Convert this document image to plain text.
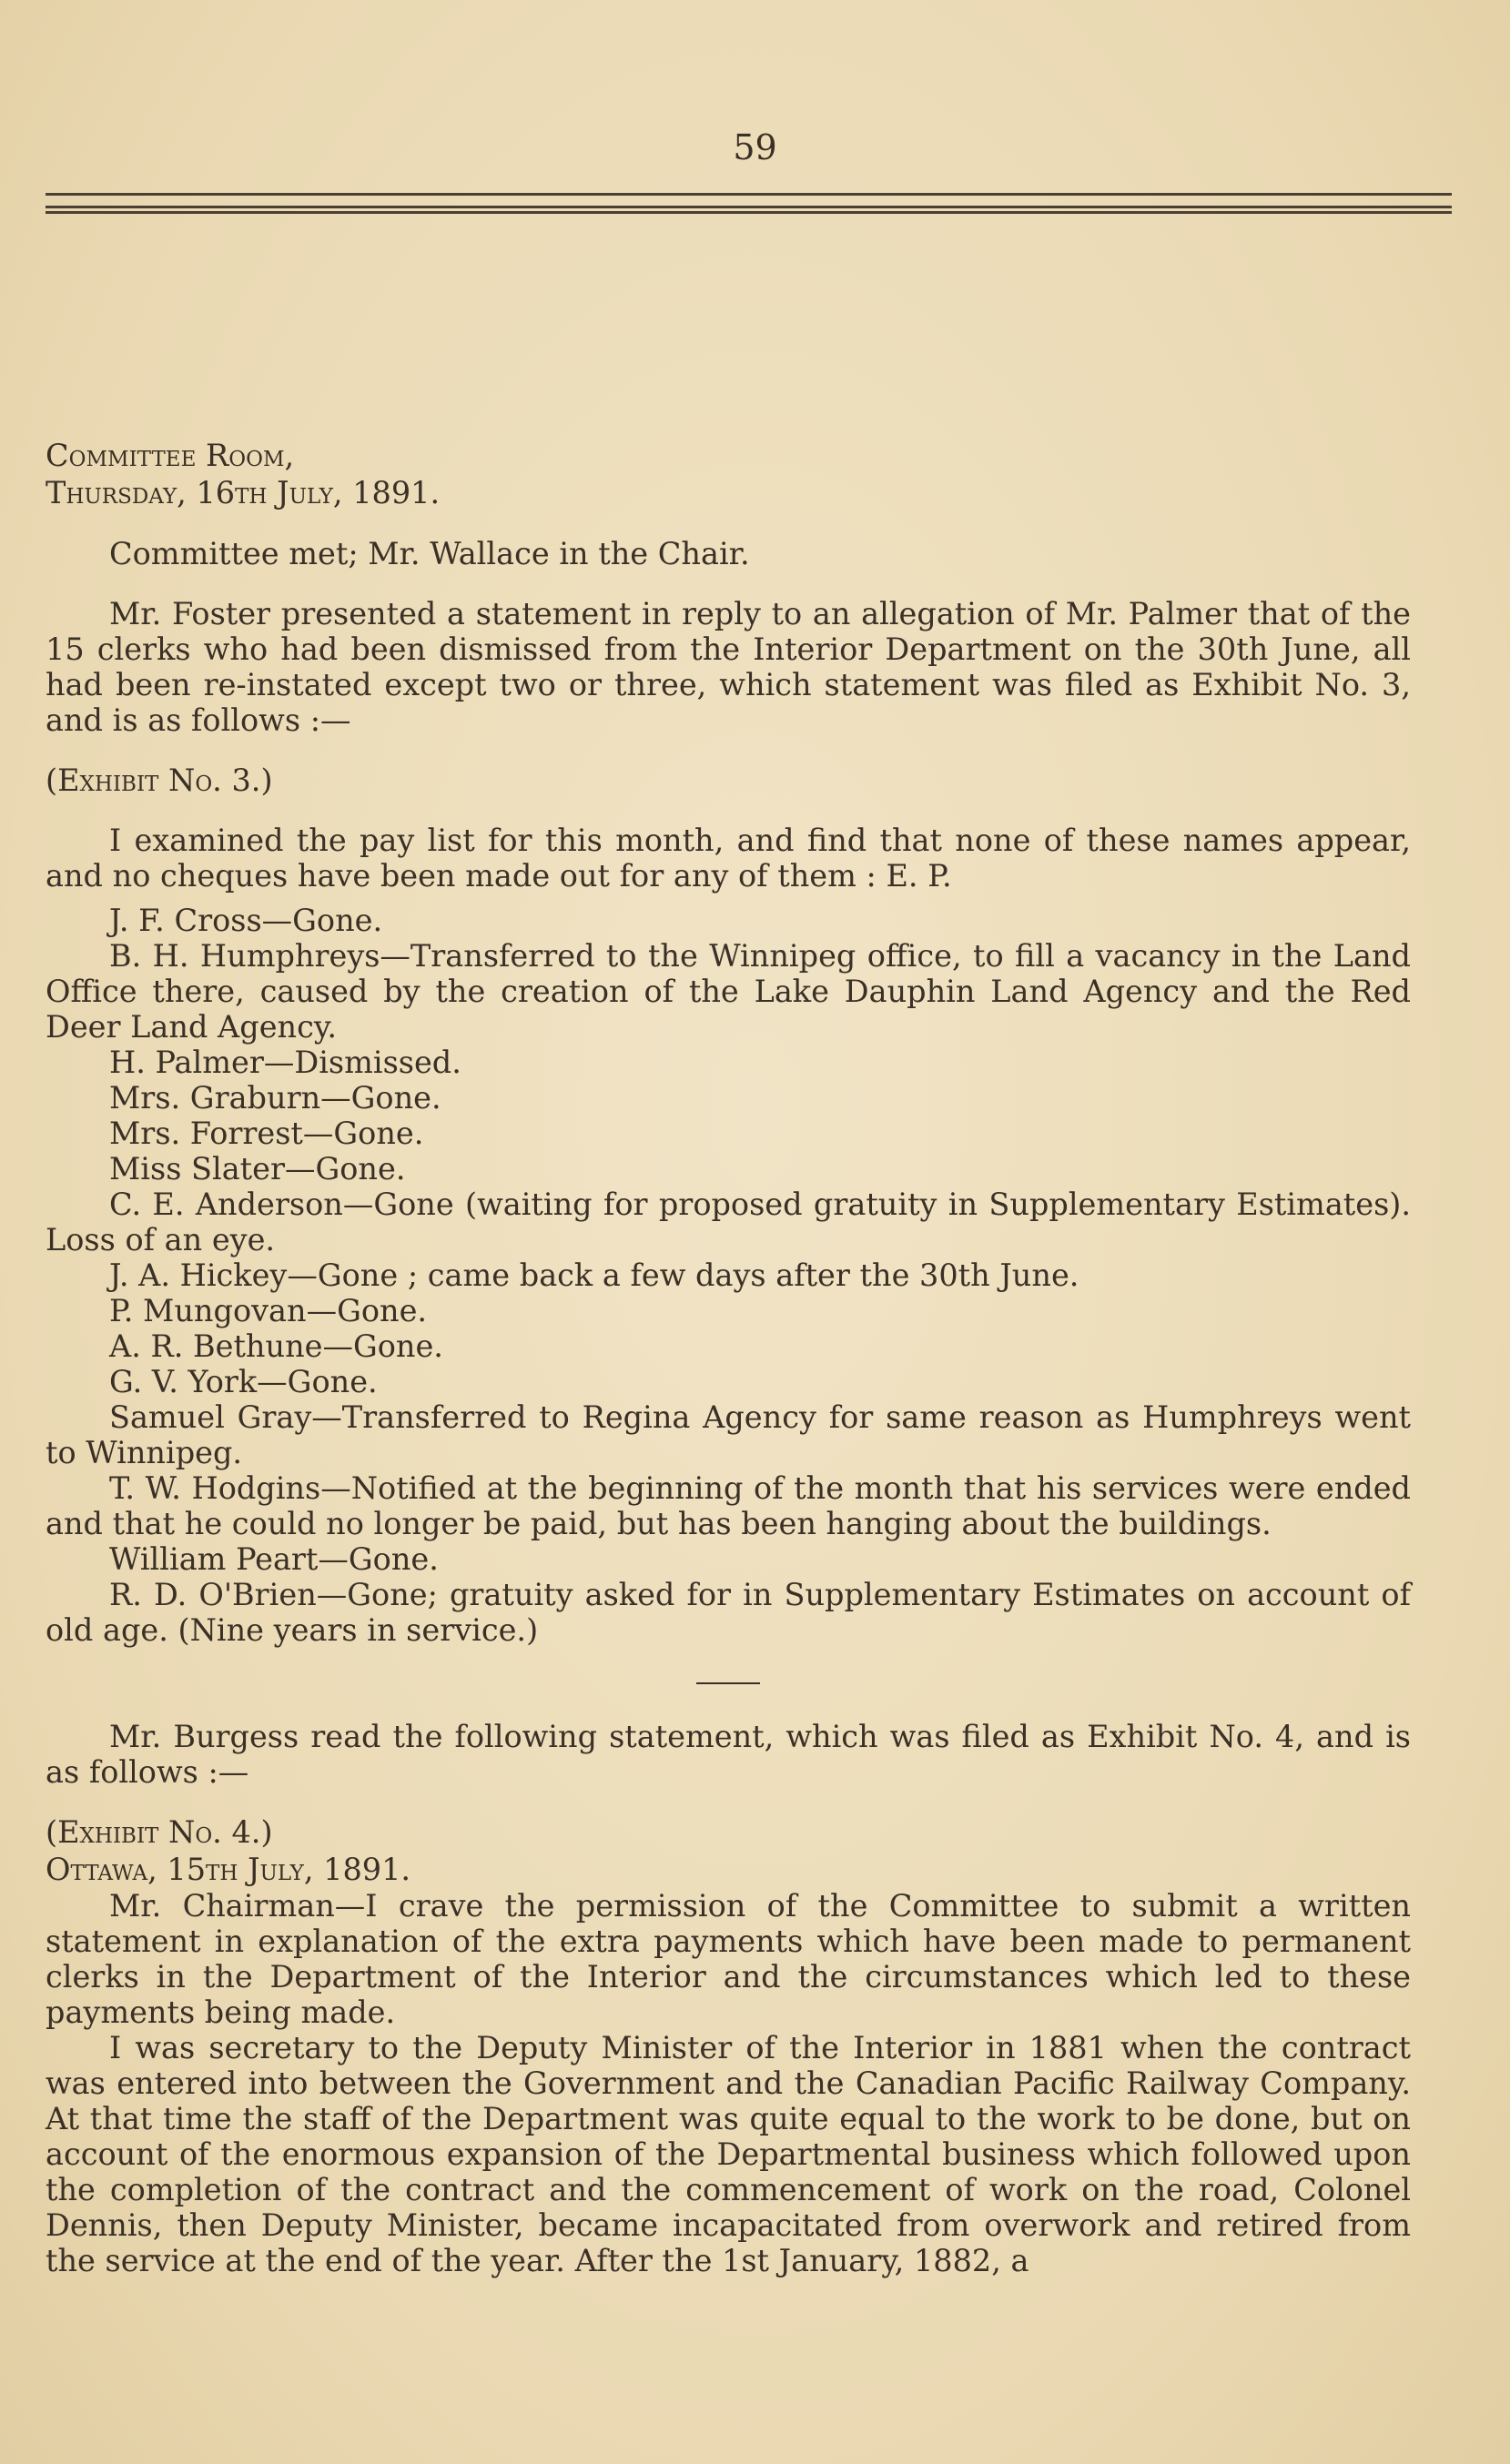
59

Committee Room,

Thursday, 16th July, 1891.

Committee met; Mr. Wallace in the Chair.

Mr. Foster presented a statement in reply to an allegation of Mr. Palmer that of the 15 clerks who had been dismissed from the Interior Department on the 30th June, all had been re-instated except two or three, which statement was filed as Exhibit No. 3, and is as follows :—

(Exhibit No. 3.)

I examined the pay list for this month, and find that none of these names appear, and no cheques have been made out for any of them : E. P.

J. F. Cross—Gone.

B. H. Humphreys—Transferred to the Winnipeg office, to fill a vacancy in the Land Office there, caused by the creation of the Lake Dauphin Land Agency and the Red Deer Land Agency.

H. Palmer—Dismissed.

Mrs. Graburn—Gone.

Mrs. Forrest—Gone.

Miss Slater—Gone.

C. E. Anderson—Gone (waiting for proposed gratuity in Supplementary Estimates). Loss of an eye.

J. A. Hickey—Gone ; came back a few days after the 30th June.

P. Mungovan—Gone.

A. R. Bethune—Gone.

G. V. York—Gone.

Samuel Gray—Transferred to Regina Agency for same reason as Humphreys went to Winnipeg.

T. W. Hodgins—Notified at the beginning of the month that his services were ended and that he could no longer be paid, but has been hanging about the buildings.

William Peart—Gone.

R. D. O'Brien—Gone; gratuity asked for in Supplementary Estimates on account of old age. (Nine years in service.)

Mr. Burgess read the following statement, which was filed as Exhibit No. 4, and is as follows :—

(Exhibit No. 4.)

Ottawa, 15th July, 1891.

Mr. Chairman—I crave the permission of the Committee to submit a written statement in explanation of the extra payments which have been made to permanent clerks in the Department of the Interior and the circumstances which led to these payments being made.

I was secretary to the Deputy Minister of the Interior in 1881 when the contract was entered into between the Government and the Canadian Pacific Railway Company. At that time the staff of the Department was quite equal to the work to be done, but on account of the enormous expansion of the Departmental business which followed upon the completion of the contract and the commencement of work on the road, Colonel Dennis, then Deputy Minister, became incapacitated from overwork and retired from the service at the end of the year. After the 1st January, 1882, a
